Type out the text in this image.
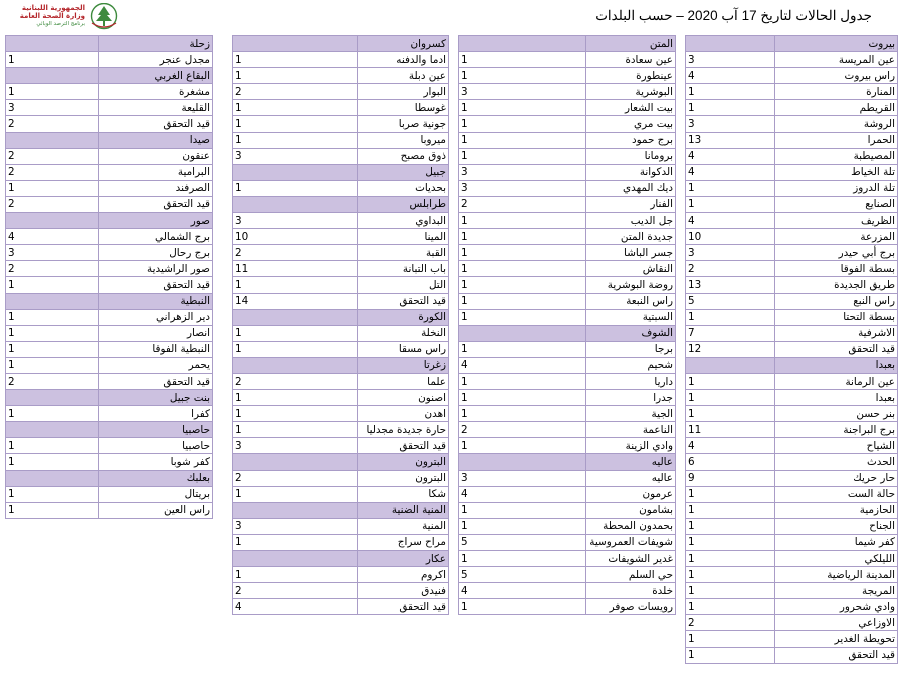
جدول الحالات لتاريخ 17 آب 2020 – حسب البلدات
الجمهورية اللبنانية
وزارة الصحة العامة
برنامج الترصد الوبائي
بيروت	
عين المريسة	3
راس بيروت	4
المنارة	1
القريطم	1
الروشة	3
الحمرا	13
المصيطبة	4
تلة الخياط	4
تلة الدروز	1
الصنايع	1
الظريف	4
المزرعة	10
برج أبي حيدر	3
بسطة الفوقا	2
طريق الجديدة	13
راس النبع	5
بسطة التحتا	1
الاشرفية	7
قيد التحقق	12
بعبدا	
عين الرمانة	1
بعبدا	1
بنر حسن	1
برج البراجنة	11
الشياح	4
الحدث	6
حار حريك	9
حالة الست	1
الحازمية	1
الجناح	1
كفر شيما	1
الليلكي	1
المدينة الرياضية	1
المريجة	1
وادي شحرور	1
الاوزاعي	2
تحويطة الغدير	1
قيد التحقق	1
المتن	
عين سعادة	1
عينطورة	1
البوشرية	3
بيت الشعار	1
بيت مري	1
برج حمود	1
برومانا	1
الدكوانة	3
ديك المهدي	3
الفنار	2
جل الديب	1
جديدة المتن	1
جسر الباشا	1
النقاش	1
روضة البوشرية	1
راس النبعة	1
السبتية	1
الشوف	
برجا	1
شحيم	4
داريا	1
جدرا	1
الجية	1
الناعمة	2
وادي الزينة	1
عاليه	
عاليه	3
عرمون	4
بشامون	1
بحمدون المحطة	1
شويفات العمروسية	5
غدير الشويفات	1
حي السلم	5
خلدة	4
رويسات صوفر	1
كسروان	
ادما والدفنه	1
عين دبلة	1
البوار	2
غوسطا	1
جونية صربا	1
ميروبا	1
ذوق مصبح	3
جبيل	
بحديات	1
طرابلس	
البداوي	3
المينا	10
القبة	2
باب التبانة	11
التل	1
قيد التحقق	14
الكورة	
النخلة	1
راس مسقا	1
زغرتا	
علما	2
اصنون	1
اهدن	1
حارة جديدة مجدليا	1
قيد التحقق	3
البترون	
البترون	2
شكا	1
المنية الضنية	
المنية	3
مراح سراج	1
عكار	
اكروم	1
فنيدق	2
قيد التحقق	4
زحلة	
مجدل عنجر	1
البقاع الغربي	
مشغرة	1
القليعة	3
قيد التحقق	2
صيدا	
عنقون	2
البرامية	2
الصرفند	1
قيد التحقق	2
صور	
برج الشمالي	4
برج رحال	3
صور الراشيدية	2
قيد التحقق	1
النبطية	
دير الزهراني	1
انصار	1
النبطية الفوقا	1
يحمر	1
قيد التحقق	2
بنت جبيل	
كفرا	1
حاصبيا	
حاصبيا	1
كفر شوبا	1
بعلبك	
بريتال	1
راس العين	1
